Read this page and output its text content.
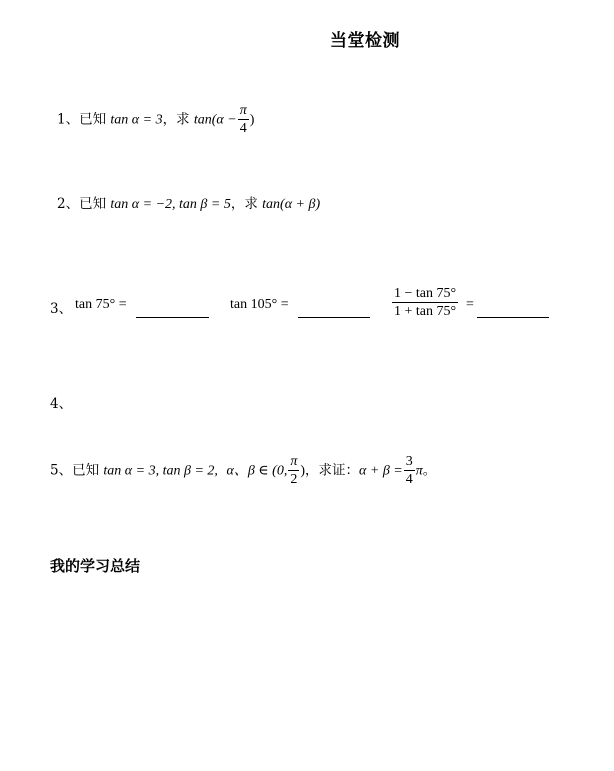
当堂检测
1、已知 tan α = 3，求 $\tan(\alpha - \frac{\pi}{4}$ )
2、已知 tan α = −2, tan β = 5，求 tan(α + β)
3、 tan 75° =	tan 105° =	$\frac{1 - \tan 75^\circ}{1 + \tan 75^\circ}$ =
4、
5、已知 tan α = 3, tan β = 2, α、β ∈ (0, $\frac{\pi}{2}$ )，求证：$\alpha + \beta = \frac{3}{4}$ π。
我的学习总结
